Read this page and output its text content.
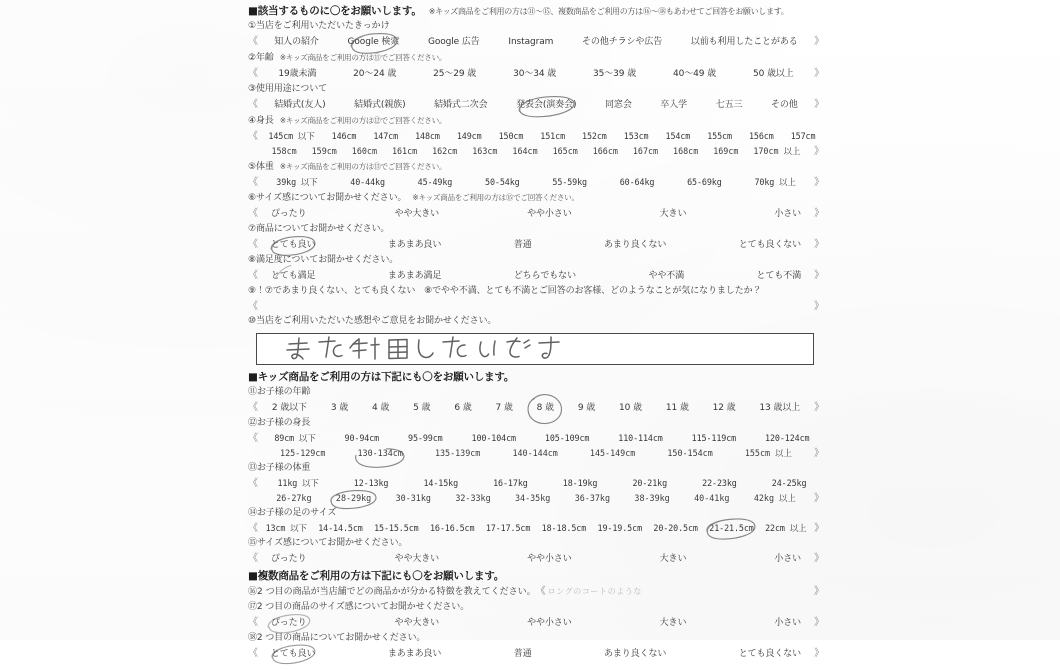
■該当するものに〇をお願いします。 ※キッズ商品をご利用の方は⑪～⑮、複数商品をご利用の方は⑯～⑱もあわせてご回答をお願いします。
①当店をご利用いただいたきっかけ
《 知人の紹介	Google 検索	Google 広告	Instagram	その他チラシや広告	以前も利用したことがある 》
②年齢 ※キッズ商品をご利用の方は⑪でご回答ください。
《 19歳未満	20～24 歳	25～29 歳	30～34 歳	35～39 歳	40～49 歳	50 歳以上 》
③使用用途について
《 結婚式(友人)	結婚式(親族)	結婚式二次会	発表会(演奏会)	同窓会	卒入学	七五三	その他 》
④身長 ※キッズ商品をご利用の方は⑫でご回答ください。
《 145cm 以下 146cm 147cm 148cm 149cm 150cm 151cm 152cm 153cm 154cm 155cm 156cm 157cm
158cm 159cm 160cm 161cm 162cm 163cm 164cm 165cm 166cm 167cm 168cm 169cm 170cm 以上 》
⑤体重 ※キッズ商品をご利用の方は⑬でご回答ください。
《 39kg 以下	40-44kg	45-49kg	50-54kg	55-59kg	60-64kg	65-69kg	70kg 以上 》
⑥サイズ感についてお聞かせください。 ※キッズ商品をご利用の方は⑮でご回答ください。
《 ぴったり	やや大きい	やや小さい	大きい	小さい 》
⑦商品についてお聞かせください。
《 とても良い	まあまあ良い	普通	あまり良くない	とても良くない 》
⑧満足度についてお聞かせください。
《 とても満足	まあまあ満足	どちらでもない	やや不満	とても不満 》
⑨！⑦であまり良くない、とても良くない　⑧でやや不満、とても不満とご回答のお客様、どのようなことが気になりましたか？
《	》
⑩当店をご利用いただいた感想やご意見をお聞かせください。
■キッズ商品をご利用の方は下記にも〇をお願いします。
⑪お子様の年齢
《 2 歳以下	3 歳	4 歳	5 歳	6 歳	7 歳	8 歳	9 歳	10 歳	11 歳	12 歳	13 歳以上 》
⑫お子様の身長
《 89cm 以下	90-94cm	95-99cm	100-104cm	105-109cm	110-114cm	115-119cm	120-124cm
125-129cm	130-134cm	135-139cm	140-144cm	145-149cm	150-154cm	155cm 以上 》
⑬お子様の体重
《 11kg 以下	12-13kg	14-15kg	16-17kg	18-19kg	20-21kg	22-23kg	24-25kg
26-27kg	28-29kg	30-31kg	32-33kg	34-35kg	36-37kg	38-39kg	40-41kg	42kg 以上 》
⑭お子様の足のサイズ
《 13cm 以下 14-14.5cm 15-15.5cm 16-16.5cm 17-17.5cm 18-18.5cm 19-19.5cm 20-20.5cm 21-21.5cm 22cm 以上 》
⑮サイズ感についてお聞かせください。
《 ぴったり	やや大きい	やや小さい	大きい	小さい 》
■複数商品をご利用の方は下記にも〇をお願いします。
⑯2 つ目の商品が当店舗でどの商品かが分かる特徴を教えてください。 《 ロングのコートのような	》
⑰2 つ目の商品のサイズ感についてお聞かせください。
《 ぴったり	やや大きい	やや小さい	大きい	小さい 》
⑱2 つ目の商品についてお聞かせください。
《 とても良い	まあまあ良い	普通	あまり良くない	とても良くない 》
